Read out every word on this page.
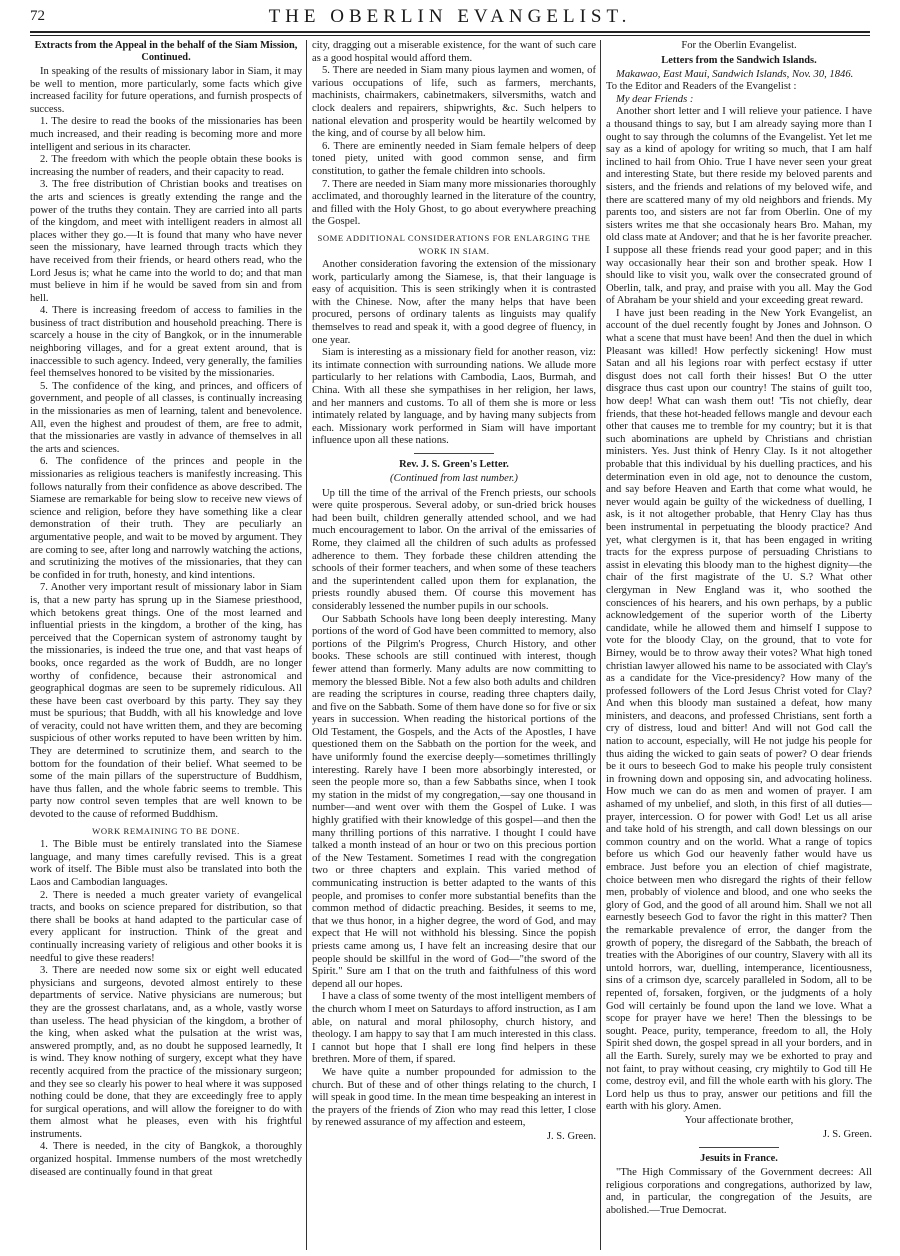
72	THE OBERLIN EVANGELIST.
Extracts from the Appeal in the behalf of the Siam Mission, Continued.

In speaking of the results of missionary labor in Siam, it may be well to mention, more particularly, some facts which give increased facility for future operations, and furnish prospects of success.

1. The desire to read the books of the missionaries has been much increased, and their reading is becoming more and more intelligent and serious in its character.

2. The freedom with which the people obtain these books is increasing the number of readers, and their capacity to read.

3. The free distribution of Christian books and treatises on the arts and sciences is greatly extending the range and the power of the truths they contain. They are carried into all parts of the kingdom, and meet with intelligent readers in almost all places wither they go.—It is found that many who have never seen the missionary, have learned through tracts which they have received from their friends, or heard others read, who the Lord Jesus is; what he came into the world to do; and that man must believe in him if he would be saved from sin and from hell.

4. There is increasing freedom of access to families in the business of tract distribution and household preaching. There is scarcely a house in the city of Bangkok, or in the innumerable neighboring villages, and for a great extent around, that is inaccessible to such agency. Indeed, very generally, the families feel themselves honored to be visited by the missionaries.

5. The confidence of the king, and princes, and officers of government, and people of all classes, is continually increasing in the missionaries as men of learning, talent and benevolence. All, even the highest and proudest of them, are free to admit, that the missionaries are vastly in advance of themselves in all the arts and sciences.

6. The confidence of the princes and people in the missionaries as religious teachers is manifestly increasing. This follows naturally from their confidence as above described. The Siamese are remarkable for being slow to receive new views of science and religion, before they have something like a clear demonstration of their truth. They are peculiarly an argumentative people, and wait to be moved by argument. They are coming to see, after long and narrowly watching the actions, and scrutinizing the motives of the missionaries, that they can be confided in for truth, honesty, and kind intentions.

7. Another very important result of missionary labor in Siam is, that a new party has sprung up in the Siamese priesthood, which betokens great things. One of the most learned and influential priests in the kingdom, a brother of the king, has perceived that the Copernican system of astronomy taught by the missionaries, is indeed the true one, and that vast heaps of books, once regarded as the work of Buddh, are no longer worthy of confidence, because their astronomical and geographical dogmas are seen to be supremely ridiculous. All these have been cast overboard by this party. They say they must be spurious; that Buddh, with all his knowledge and love of veracity, could not have written them, and they are becoming suspicious of other works reputed to have been written by him. They are determined to scrutinize them, and search to the bottom for the foundation of their belief. What seemed to be some of the main pillars of the superstructure of Buddhism, have thus fallen, and the whole fabric seems to tremble. This party now control seven temples that are well known to be devoted to the cause of reformed Buddhism.

WORK REMAINING TO BE DONE.

1. The Bible must be entirely translated into the Siamese language, and many times carefully revised. This is a great work of itself. The Bible must also be translated into both the Laos and Cambodian languages.

2. There is needed a much greater variety of evangelical tracts, and books on science prepared for distribution, so that there shall be books at hand adapted to the particular case of every applicant for instruction. Think of the great and continually increasing variety of religious and other books it is needful to give these readers!

3. There are needed now some six or eight well educated physicians and surgeons, devoted almost entirely to these departments of service. Native physicians are numerous; but they are the grossest charlatans, and, as a whole, vastly worse than useless. The head physician of the kingdom, a brother of the king, when asked what the pulsation at the wrist was, answered promptly, and, as no doubt he supposed learnedly, It is wind. They know nothing of surgery, except what they have recently acquired from the practice of the missionary surgeon; and they see so clearly his power to heal where it was supposed nothing could be done, that they are exceedingly free to apply for surgical operations, and will allow the foreigner to do with them almost what he pleases, even with his frightful instruments.

4. There is needed, in the city of Bangkok, a thoroughly organized hospital. Immense numbers of the most wretchedly diseased are continually found in that great

city, dragging out a miserable existence, for the want of such care as a good hospital would afford them.

5. There are needed in Siam many pious laymen and women, of various occupations of life, such as farmers, merchants, machinists, chairmakers, cabinetmakers, silversmiths, watch and clock dealers and repairers, shipwrights, &c. Such helpers to national elevation and prosperity would be heartily welcomed by the king, and of course by all below him.

6. There are eminently needed in Siam female helpers of deep toned piety, united with good common sense, and firm constitution, to gather the female children into schools.

7. There are needed in Siam many more missionaries thoroughly acclimated, and thoroughly learned in the literature of the country, and filled with the Holy Ghost, to go about everywhere preaching the Gospel.

SOME ADDITIONAL CONSIDERATIONS FOR ENLARGING THE WORK IN SIAM.

Another consideration favoring the extension of the missionary work, particularly among the Siamese, is, that their language is easy of acquisition. This is seen strikingly when it is contrasted with the Chinese. Now, after the many helps that have been procured, persons of ordinary talents as linguists may qualify themselves to read and speak it, with a good degree of fluency, in one year.

Siam is interesting as a missionary field for another reason, viz: its intimate connection with surrounding nations. We allude more particularly to her relations with Cambodia, Laos, Burmah, and China. With all these she sympathises in her religion, her laws, and her manners and customs. To all of them she is more or less intimately related by language, and by having many subjects from each. Missionary work performed in Siam will have important influence upon all these nations.

Rev. J. S. Green's Letter.
(Continued from last number.)

Up till the time of the arrival of the French priests, our schools were quite prosperous. Several adoby, or sun-dried brick houses had been built, children generally attended school, and we had much encouragement to labor. On the arrival of the emissaries of Rome, they claimed all the children of such adults as professed adherence to them. They forbade these children attending the schools of their former teachers, and when some of these teachers and the superintendent called upon them for explanation, the priests roundly abused them. Of course this movement has considerably lessened the number pupils in our schools.

Our Sabbath Schools have long been deeply interesting. Many portions of the word of God have been committed to memory, also portions of the Pilgrim's Progress, Church History, and other books. These schools are still continued with interest, though fewer attend than formerly. Many adults are now committing to memory the blessed Bible. Not a few also both adults and children are reading the scriptures in course, reading three chapters daily, and five on the Sabbath. Some of them have done so for five or six years in succession. When reading the historical portions of the Old Testament, the Gospels, and the Acts of the Apostles, I have questioned them on the Sabbath on the portion for the week, and have uniformly found the exercise deeply—sometimes thrillingly interesting. Rarely have I been more absorbingly interested, or seen the people more so, than a few Sabbaths since, when I took my station in the midst of my congregation,—say one thousand in number—and went over with them the Gospel of Luke. I was highly gratified with their knowledge of this gospel—and then the many thrilling portions of this narrative. I thought I could have talked a month instead of an hour or two on this precious portion of the New Testament. Sometimes I read with the congregation two or three chapters and explain. This varied method of communicating instruction is better adapted to the wants of this people, and promises to confer more substantial benefits than the common method of didactic preaching. Besides, it seems to me, that we thus honor, in a higher degree, the word of God, and may expect that He will not withhold his blessing. Since the popish priests came among us, I have felt an increasing desire that our people should be skillful in the word of God—"the sword of the Spirit." Sure am I that on the truth and faithfulness of this word depend all our hopes.

I have a class of some twenty of the most intelligent members of the church whom I meet on Saturdays to afford instruction, as I am able, on natural and moral philosophy, church history, and theology. I am happy to say that I am much interested in this class. I cannot but hope that I shall ere long find helpers in these brethren. More of them, if spared.

We have quite a number propounded for admission to the church. But of these and of other things relating to the church, I will speak in good time. In the mean time bespeaking an interest in the prayers of the friends of Zion who may read this letter, I close by renewed assurance of my affection and esteem,

J. S. Green.
For the Oberlin Evangelist.
Letters from the Sandwich Islands.

Makawao, East Maui, Sandwich Islands, Nov. 30, 1846.

To the Editor and Readers of the Evangelist :

My dear Friends :

Another short letter and I will relieve your patience. I have a thousand things to say, but I am already saying more than I ought to say through the columns of the Evangelist. Yet let me say as a kind of apology for writing so much, that I am half inclined to hail from Ohio. True I have never seen your great and interesting State, but there reside my beloved parents and sisters, and the friends and relations of my beloved wife, and there are scattered many of my old neighbors and friends. My parents too, and sisters are not far from Oberlin. One of my sisters writes me that she occasionaly hears Bro. Mahan, my old class mate at Andover; and that he is her favorite preacher. I suppose all these friends read your good paper; and in this way occasionally hear their son and brother speak. How I should like to visit you, walk over the consecrated ground of Oberlin, talk, and pray, and praise with you all. May the God of Abraham be your shield and your exceeding great reward.

I have just been reading in the New York Evangelist, an account of the duel recently fought by Jones and Johnson. O what a scene that must have been! And then the duel in which Pleasant was killed! How perfectly sickening! How must Satan and all his legions roar with perfect ecstasy if utter disgust does not call forth their hisses! But O the utter disgrace thus cast upon our country! The stains of guilt too, how deep! What can wash them out! 'Tis not chiefly, dear friends, that these hot-headed fellows mangle and devour each other that causes me to tremble for my country; but it is that such abominations are upheld by Christians and christian ministers. Yes. Just think of Henry Clay. Is it not altogether probable that this individual by his duelling practices, and his determination even in old age, not to denounce the custom, and say before Heaven and Earth that come what would, he never would again be guilty of the wickedness of duelling, I ask, is it not altogether probable, that Henry Clay has thus been instrumental in perpetuating the bloody practice? And yet, what clergymen is it, that has been engaged in writing tracts for the express purpose of persuading Christians to assist in elevating this bloody man to the highest dignity—the chair of the first magistrate of the U. S.? What other clergyman in New England was it, who soothed the consciences of his hearers, and his own perhaps, by a public acknowledgement of the superior worth of the Liberty candidate, while he allowed them and himself I suppose to vote for the bloody Clay, on the ground, that to vote for Birney, would be to throw away their votes? What high toned christian lawyer allowed his name to be associated with Clay's as a candidate for the Vice-presidency? How many of the professed followers of the Lord Jesus Christ voted for Clay? And when this bloody man sustained a defeat, how many ministers, and deacons, and professed Christians, sent forth a cry of distress, loud and bitter! And will not God call the nation to account, especially, will He not judge his people for thus aiding the wicked to gain seats of power? O dear friends be it ours to beseech God to make his people truly consistent in frowning down and opposing sin, and advocating holiness. How much we can do as men and women of prayer. I am ashamed of my unbelief, and sloth, in this first of all duties—prayer, intercession. O for power with God! Let us all arise and take hold of his strength, and call down blessings on our common country and on the world. What a range of topics before us which God our heavenly father would have us embrace. Just before you an election of chief magistrate, choice between men who disregard the rights of their fellow men, probably of violence and blood, and one who seeks the glory of God, and the good of all around him. Shall we not all earnestly beseech God to favor the right in this matter? Then the remarkable prevalence of error, the danger from the growth of popery, the disregard of the Sabbath, the breach of treaties with the Aborigines of our country, Slavery with all its untold horrors, war, duelling, intemperance, licentiousness, sins of a crimson dye, scarcely paralleled in Sodom, all to be repented of, forsaken, forgiven, or the judgments of a holy God will certainly be found upon the land we love. What a scope for prayer have we here! Then the blessings to be sought. Peace, purity, temperance, freedom to all, the Holy Spirit shed down, the gospel spread in all your borders, and in all the Earth. Surely, surely may we be exhorted to pray and not faint, to pray without ceasing, cry mightily to God till He come, destroy evil, and fill the whole earth with his glory. The Lord help us thus to pray, answer our petitions and fill the earth with his glory. Amen.

Your affectionate brother,
J. S. Green.
Jesuits in France.

"The High Commissary of the Government decrees: All religious corporations and congregations, authorized by law, and, in particular, the congregation of the Jesuits, are abolished.—True Democrat.
